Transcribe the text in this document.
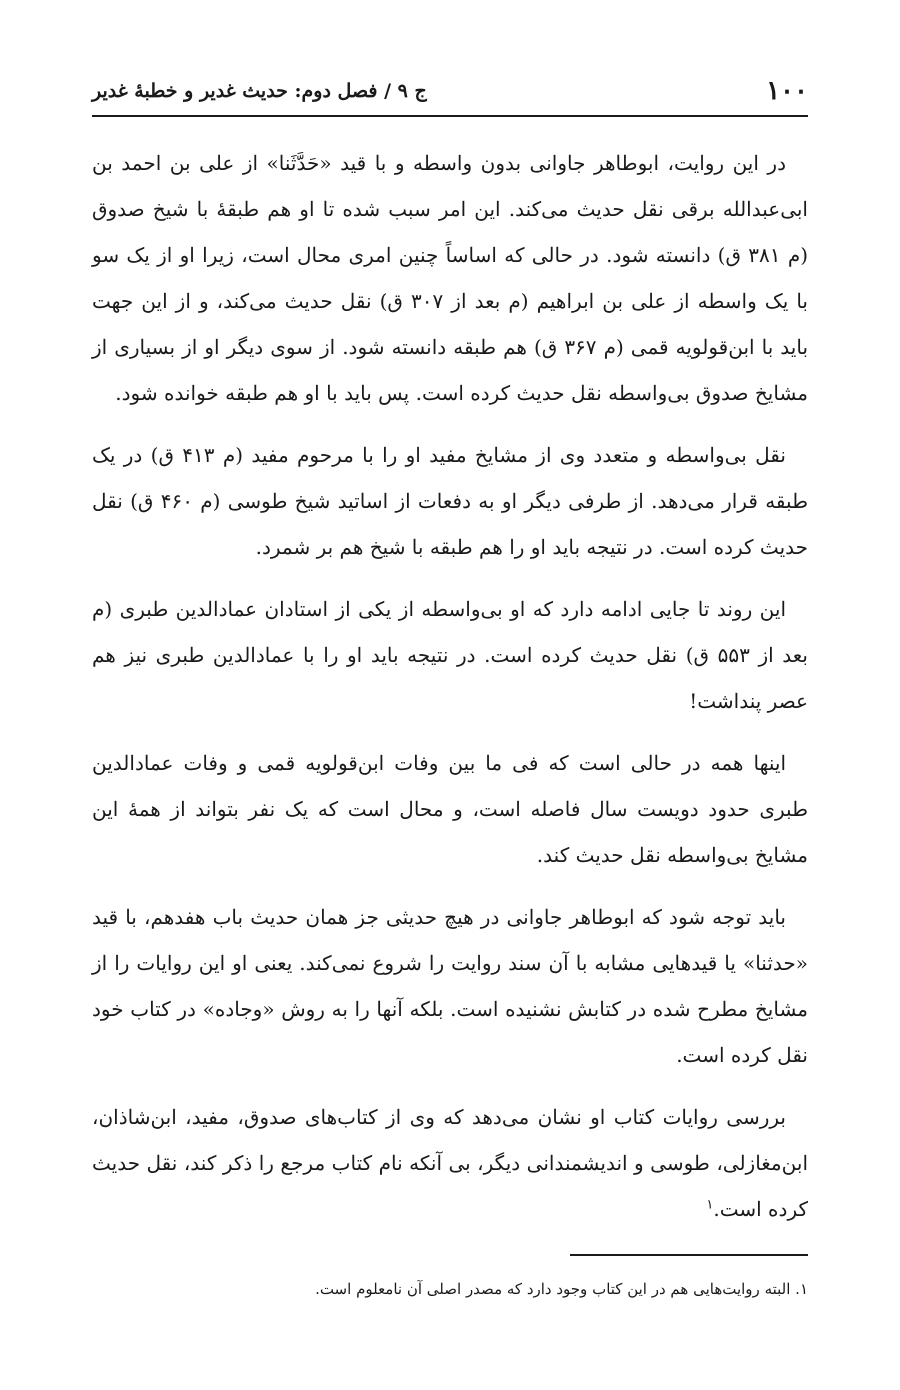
۱۰۰
ج ۹ / فصل دوم: حدیث غدیر و خطبهٔ غدیر

در این روایت، ابوطاهر جاوانی بدون واسطه و با قید «حَدَّثَنا» از علی بن احمد بن ابی‌عبدالله برقی نقل حدیث می‌کند. این امر سبب شده تا او هم طبقهٔ با شیخ صدوق (م ۳۸۱ ق) دانسته شود. در حالی که اساساً چنین امری محال است، زیرا او از یک سو با یک واسطه از علی بن ابراهیم (م بعد از ۳۰۷ ق) نقل حدیث می‌کند، و از این جهت باید با ابن‌قولویه قمی (م ۳۶۷ ق) هم طبقه دانسته شود. از سوی دیگر او از بسیاری از مشایخ صدوق بی‌واسطه نقل حدیث کرده است. پس باید با او هم طبقه خوانده شود.

نقل بی‌واسطه و متعدد وی از مشایخ مفید او را با مرحوم مفید (م ۴۱۳ ق) در یک طبقه قرار می‌دهد. از طرفی دیگر او به دفعات از اساتید شیخ طوسی (م ۴۶۰ ق) نقل حدیث کرده است. در نتیجه باید او را هم طبقه با شیخ هم بر شمرد.

این روند تا جایی ادامه دارد که او بی‌واسطه از یکی از استادان عمادالدین طبری (م بعد از ۵۵۳ ق) نقل حدیث کرده است. در نتیجه باید او را با عمادالدین طبری نیز هم عصر پنداشت!

اینها همه در حالی است که فی ما بین وفات ابن‌قولویه قمی و وفات عمادالدین طبری حدود دویست سال فاصله است، و محال است که یک نفر بتواند از همهٔ این مشایخ بی‌واسطه نقل حدیث کند.

باید توجه شود که ابوطاهر جاوانی در هیچ حدیثی جز همان حدیث باب هفدهم، با قید «حدثنا» یا قیدهایی مشابه با آن سند روایت را شروع نمی‌کند. یعنی او این روایات را از مشایخ مطرح شده در کتابش نشنیده است. بلکه آنها را به روش «وجاده» در کتاب خود نقل کرده است.

بررسی روایات کتاب او نشان می‌دهد که وی از کتاب‌های صدوق، مفید، ابن‌شاذان، ابن‌مغازلی، طوسی و اندیشمندانی دیگر، بی آنکه نام کتاب مرجع را ذکر کند، نقل حدیث کرده است.$^۱$

۱. البته روایت‌هایی هم در این کتاب وجود دارد که مصدر اصلی آن نامعلوم است.
